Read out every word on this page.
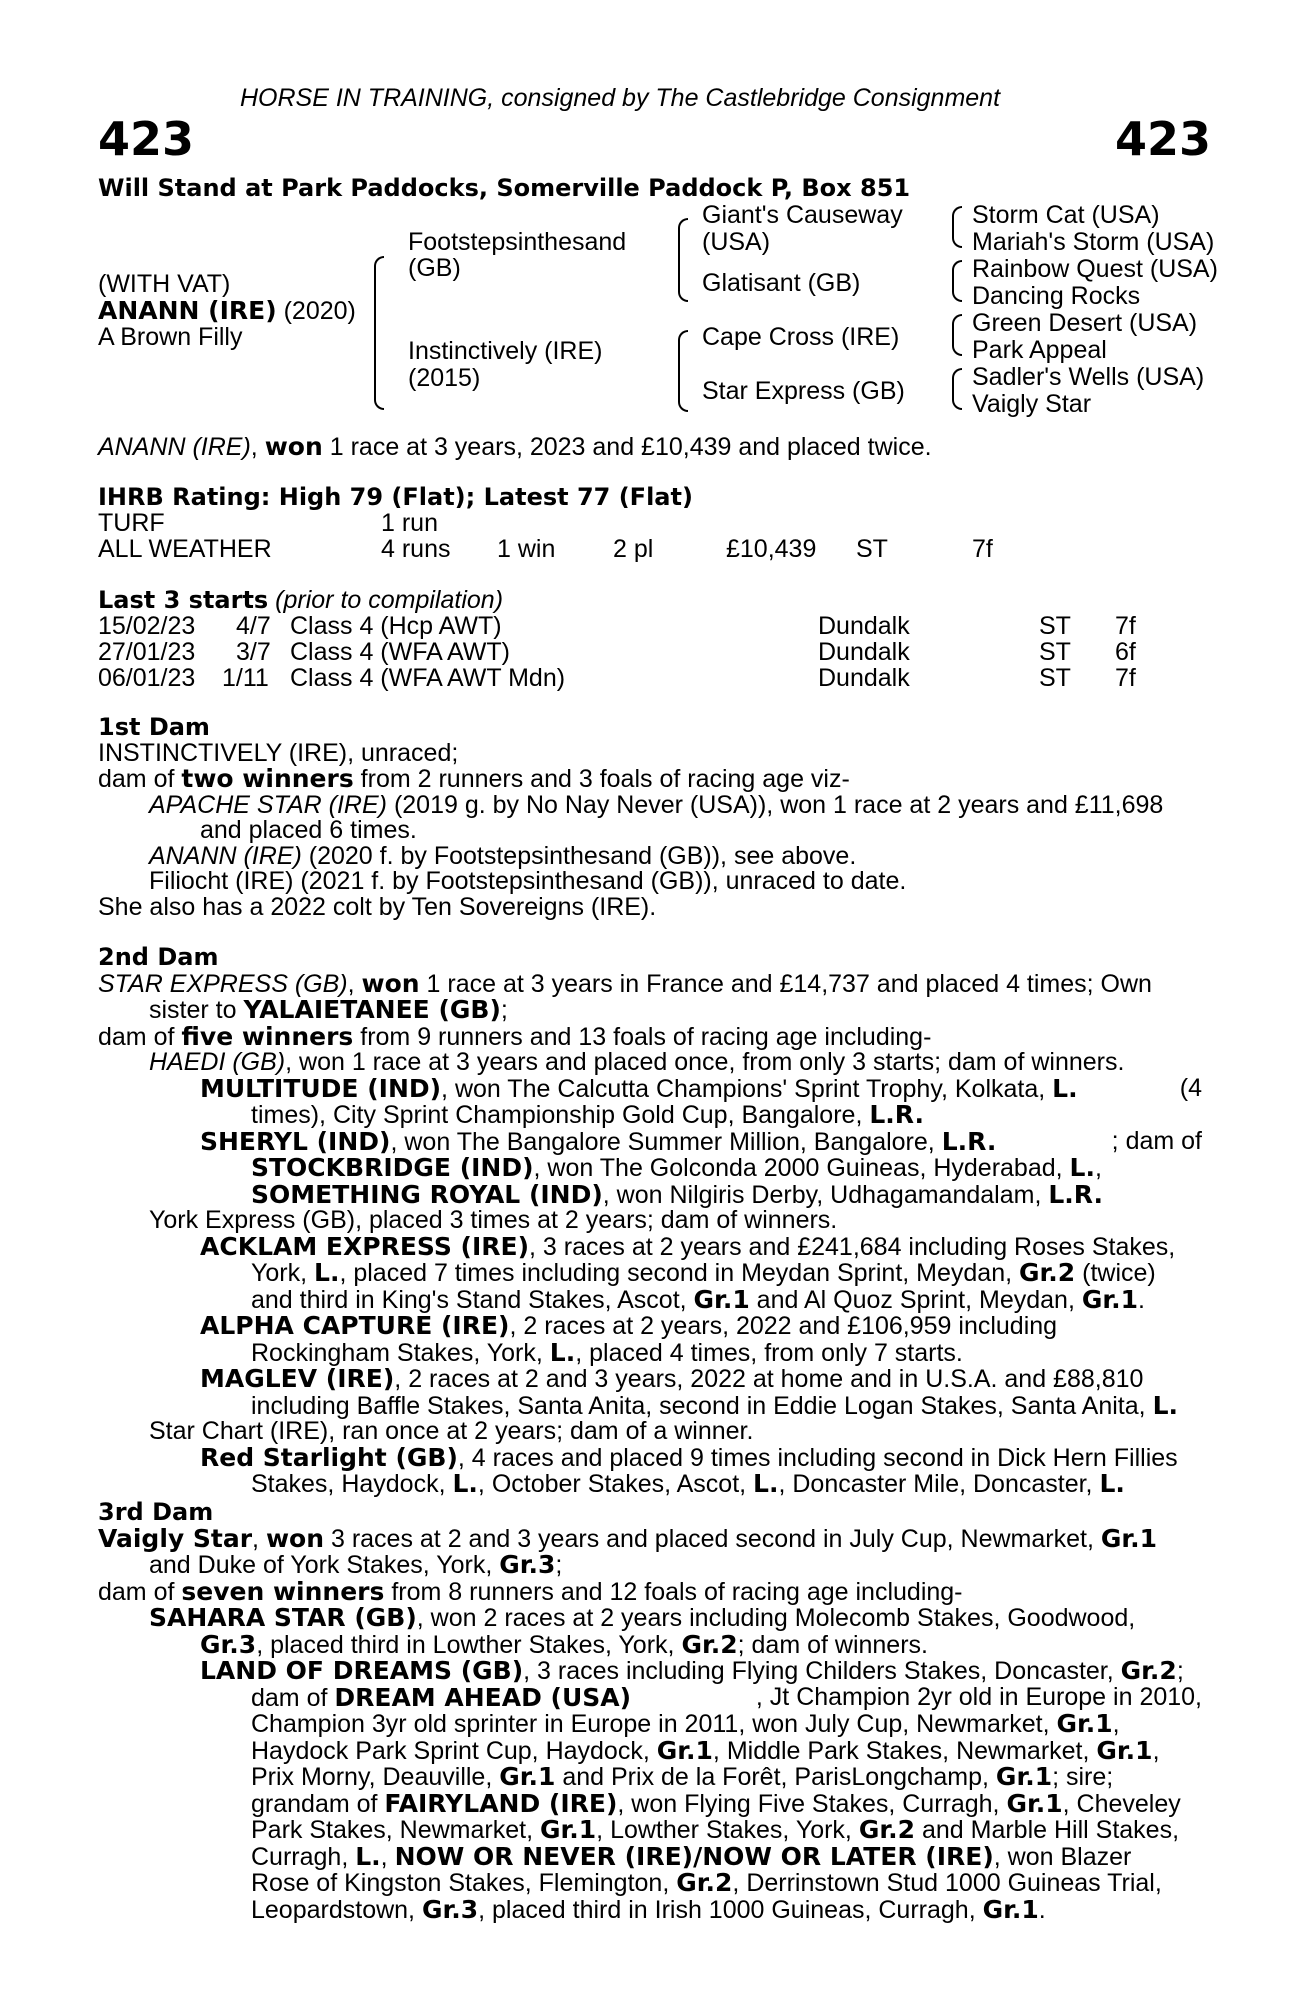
HORSE IN TRAINING, consigned by The Castlebridge Consignment
423	423
Will Stand at Park Paddocks, Somerville Paddock P, Box 851
(WITH VAT)
ANANN (IRE) (2020)
A Brown Filly
Footstepsinthesand
(GB)
Instinctively (IRE)
(2015)
Giant's Causeway
(USA)
Glatisant (GB)
Cape Cross (IRE)
Star Express (GB)
Storm Cat (USA)
Mariah's Storm (USA)
Rainbow Quest (USA)
Dancing Rocks
Green Desert (USA)
Park Appeal
Sadler's Wells (USA)
Vaigly Star
ANANN (IRE), won 1 race at 3 years, 2023 and £10,439 and placed twice.
IHRB Rating: High 79 (Flat); Latest 77 (Flat)
TURF	1 run
ALL WEATHER	4 runs 1 win 2 pl	£10,439 ST	7f
Last 3 starts (prior to compilation)
15/02/23 4/7 Class 4 (Hcp AWT)	Dundalk	ST 7f
27/01/23 3/7 Class 4 (WFA AWT)	Dundalk	ST 6f
06/01/23 1/11 Class 4 (WFA AWT Mdn)	Dundalk	ST 7f
1st Dam
INSTINCTIVELY (IRE), unraced;
dam of two winners from 2 runners and 3 foals of racing age viz-
APACHE STAR (IRE) (2019 g. by No Nay Never (USA)), won 1 race at 2 years and £11,698
and placed 6 times.
ANANN (IRE) (2020 f. by Footstepsinthesand (GB)), see above.
Filiocht (IRE) (2021 f. by Footstepsinthesand (GB)), unraced to date.
She also has a 2022 colt by Ten Sovereigns (IRE).
2nd Dam
STAR EXPRESS (GB), won 1 race at 3 years in France and £14,737 and placed 4 times; Own
sister to YALAIETANEE (GB);
dam of five winners from 9 runners and 13 foals of racing age including-
HAEDI (GB), won 1 race at 3 years and placed once, from only 3 starts; dam of winners.
MULTITUDE (IND), won The Calcutta Champions' Sprint Trophy, Kolkata, L.	(4
times), City Sprint Championship Gold Cup, Bangalore, L.R.
SHERYL (IND), won The Bangalore Summer Million, Bangalore, L.R.	; dam of
STOCKBRIDGE (IND), won The Golconda 2000 Guineas, Hyderabad, L.,
SOMETHING ROYAL (IND), won Nilgiris Derby, Udhagamandalam, L.R.
York Express (GB), placed 3 times at 2 years; dam of winners.
ACKLAM EXPRESS (IRE), 3 races at 2 years and £241,684 including Roses Stakes,
York, L., placed 7 times including second in Meydan Sprint, Meydan, Gr.2 (twice)
and third in King's Stand Stakes, Ascot, Gr.1 and Al Quoz Sprint, Meydan, Gr.1.
ALPHA CAPTURE (IRE), 2 races at 2 years, 2022 and £106,959 including
Rockingham Stakes, York, L., placed 4 times, from only 7 starts.
MAGLEV (IRE), 2 races at 2 and 3 years, 2022 at home and in U.S.A. and £88,810
including Baffle Stakes, Santa Anita, second in Eddie Logan Stakes, Santa Anita, L.
Star Chart (IRE), ran once at 2 years; dam of a winner.
Red Starlight (GB), 4 races and placed 9 times including second in Dick Hern Fillies
Stakes, Haydock, L., October Stakes, Ascot, L., Doncaster Mile, Doncaster, L.
3rd Dam
Vaigly Star, won 3 races at 2 and 3 years and placed second in July Cup, Newmarket, Gr.1
and Duke of York Stakes, York, Gr.3;
dam of seven winners from 8 runners and 12 foals of racing age including-
SAHARA STAR (GB), won 2 races at 2 years including Molecomb Stakes, Goodwood,
Gr.3, placed third in Lowther Stakes, York, Gr.2; dam of winners.
LAND OF DREAMS (GB), 3 races including Flying Childers Stakes, Doncaster, Gr.2;
dam of DREAM AHEAD (USA)	, Jt Champion 2yr old in Europe in 2010,
Champion 3yr old sprinter in Europe in 2011, won July Cup, Newmarket, Gr.1,
Haydock Park Sprint Cup, Haydock, Gr.1, Middle Park Stakes, Newmarket, Gr.1,
Prix Morny, Deauville, Gr.1 and Prix de la Forêt, ParisLongchamp, Gr.1; sire;
grandam of FAIRYLAND (IRE), won Flying Five Stakes, Curragh, Gr.1, Cheveley
Park Stakes, Newmarket, Gr.1, Lowther Stakes, York, Gr.2 and Marble Hill Stakes,
Curragh, L., NOW OR NEVER (IRE)/NOW OR LATER (IRE), won Blazer
Rose of Kingston Stakes, Flemington, Gr.2, Derrinstown Stud 1000 Guineas Trial,
Leopardstown, Gr.3, placed third in Irish 1000 Guineas, Curragh, Gr.1.
